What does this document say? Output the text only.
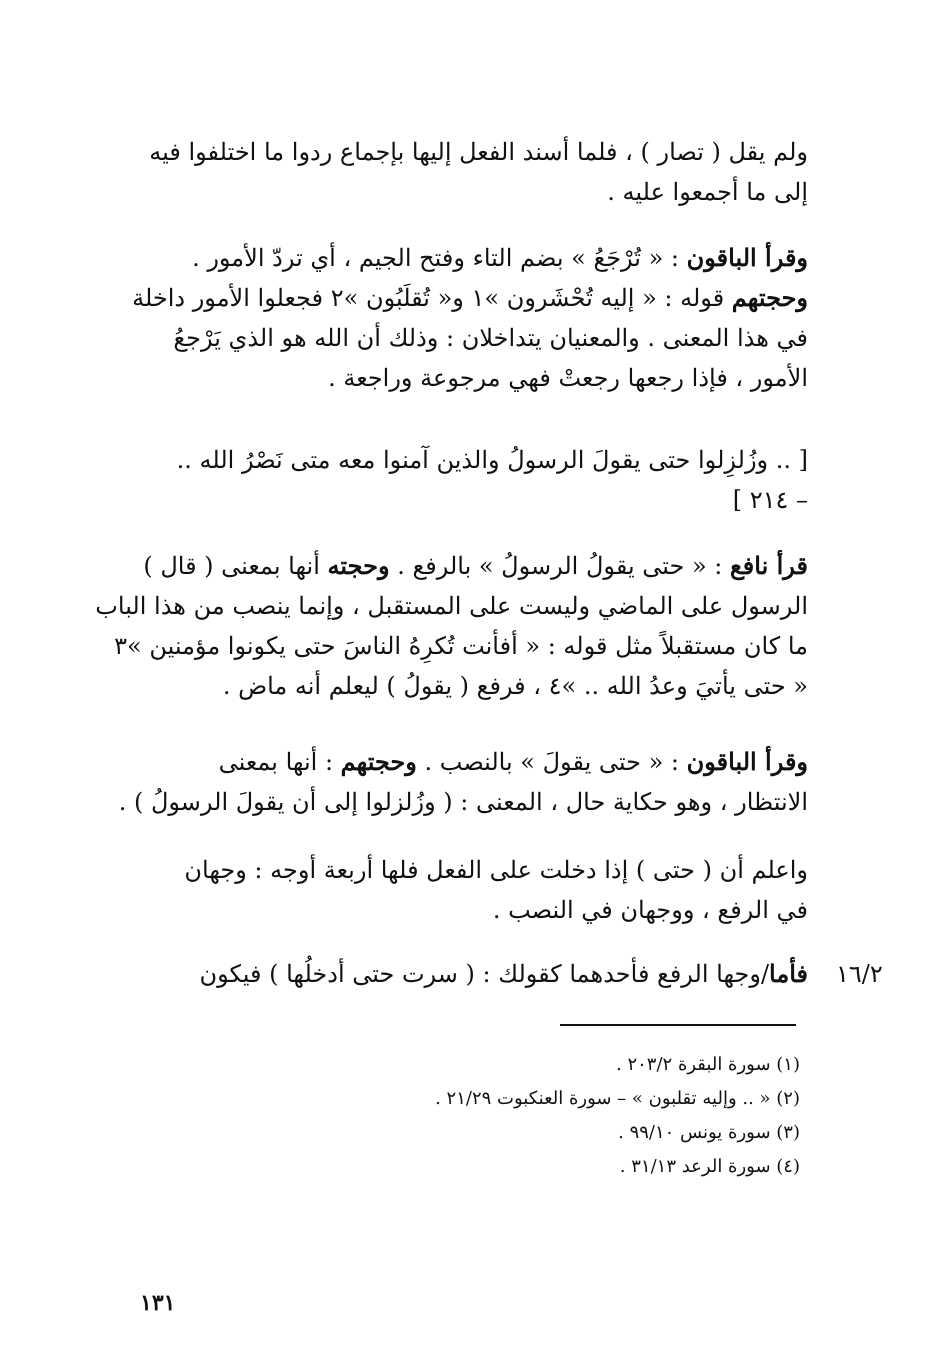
ولم يقل ( تصار ) ، فلما أسند الفعل إليها بإجماع ردوا ما اختلفوا فيه
إلى ما أجمعوا عليه .
وقرأ الباقون : « تُرْجَعُ » بضم التاء وفتح الجيم ، أي تردّ الأمور .
وحجتهم قوله : « إليه تُحْشَرون »١ و« تُقلَبُون »٢ فجعلوا الأمور داخلة
في هذا المعنى . والمعنيان يتداخلان : وذلك أن الله هو الذي يَرْجعُ
الأمور ، فإذا رجعها رجعتْ فهي مرجوعة وراجعة .
[ .. وزُلزِلوا حتى يقولَ الرسولُ والذين آمنوا معه متى نَصْرُ الله ..
– ٢١٤ ]
قرأ نافع : « حتى يقولُ الرسولُ » بالرفع . وحجته أنها بمعنى ( قال )
الرسول على الماضي وليست على المستقبل ، وإنما ينصب من هذا الباب
ما كان مستقبلاً مثل قوله : « أفأنت تُكرِهُ الناسَ حتى يكونوا مؤمنين »٣
« حتى يأتيَ وعدُ الله .. »٤ ، فرفع ( يقولُ ) ليعلم أنه ماض .
وقرأ الباقون : « حتى يقولَ » بالنصب . وحجتهم : أنها بمعنى
الانتظار ، وهو حكاية حال ، المعنى : ( وزُلزلوا إلى أن يقولَ الرسولُ ) .
واعلم أن ( حتى ) إذا دخلت على الفعل فلها أربعة أوجه : وجهان
في الرفع ، ووجهان في النصب .
فأما/وجها الرفع فأحدهما كقولك : ( سرت حتى أدخلُها ) فيكون	١٦/٢
(١) سورة البقرة ٢٠٣/٢ .
(٢) « .. وإليه تقلبون » – سورة العنكبوت ٢١/٢٩ .
(٣) سورة يونس ٩٩/١٠ .
(٤) سورة الرعد ٣١/١٣ .
١٣١
